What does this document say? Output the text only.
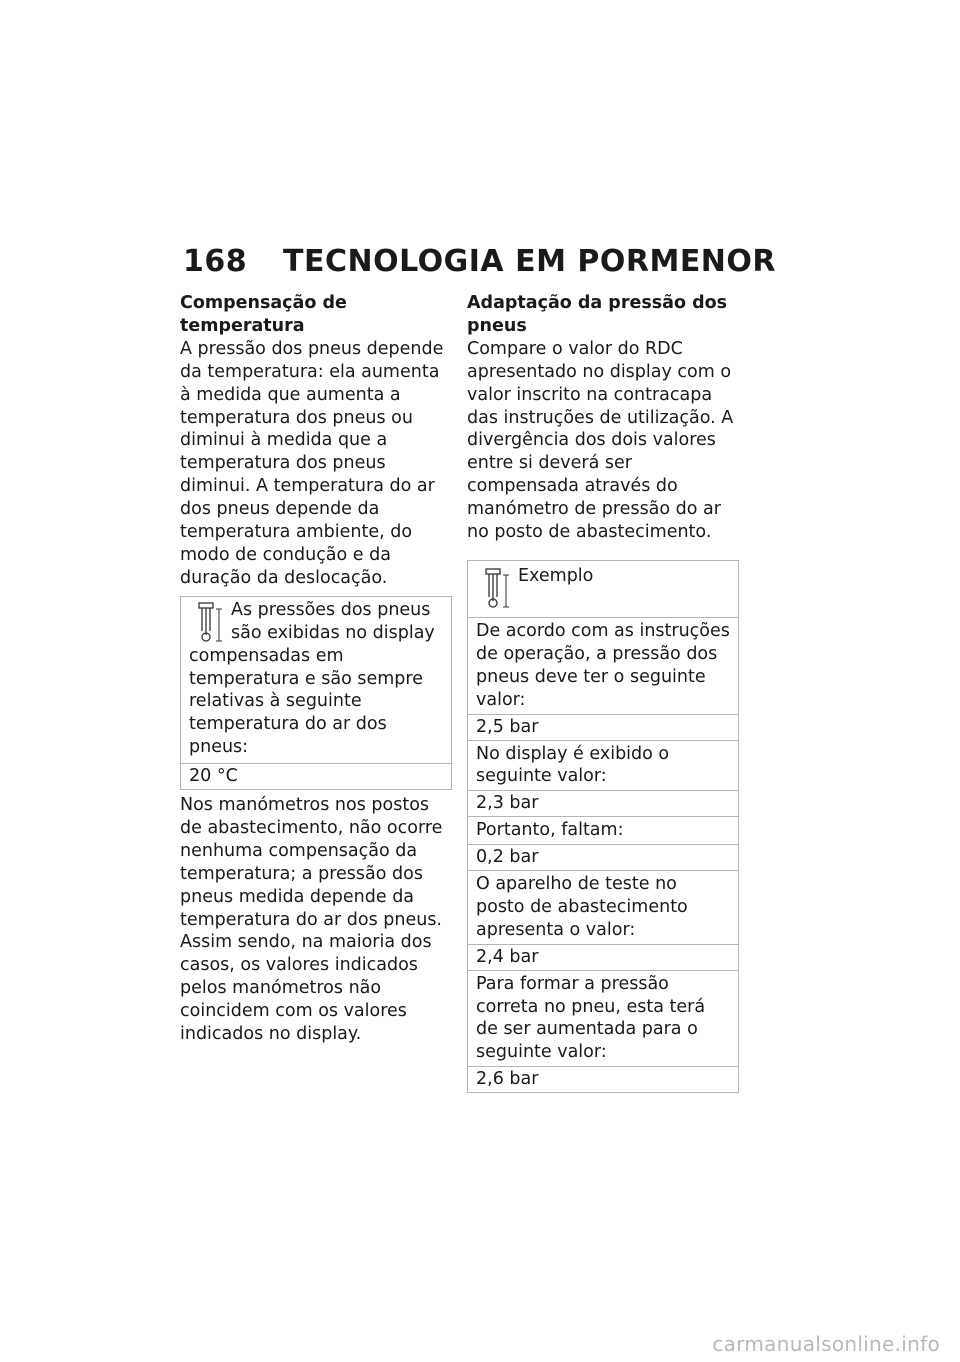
168 TECNOLOGIA EM PORMENOR
Compensação de temperatura

A pressão dos pneus depende da temperatura: ela aumenta à medida que aumenta a temperatura dos pneus ou diminui à medida que a temperatura dos pneus diminui. A temperatura do ar dos pneus depende da temperatura ambiente, do modo de condução e da duração da deslocação.

As pressões dos pneus são exibidas no display compensadas em temperatura e são sempre relativas à seguinte temperatura do ar dos pneus:
20 °C

Nos manómetros nos postos de abastecimento, não ocorre nenhuma compensação da temperatura; a pressão dos pneus medida depende da temperatura do ar dos pneus. Assim sendo, na maioria dos casos, os valores indicados pelos manómetros não coincidem com os valores indicados no display.

Adaptação da pressão dos pneus

Compare o valor do RDC apresentado no display com o valor inscrito na contracapa das instruções de utilização. A divergência dos dois valores entre si deverá ser compensada através do manómetro de pressão do ar no posto de abastecimento.

Exemplo
De acordo com as instruções de operação, a pressão dos pneus deve ter o seguinte valor:
2,5 bar
No display é exibido o seguinte valor:
2,3 bar
Portanto, faltam:
0,2 bar
O aparelho de teste no posto de abastecimento apresenta o valor:
2,4 bar
Para formar a pressão correta no pneu, esta terá de ser aumentada para o seguinte valor:
2,6 bar
carmanualsonline.info
